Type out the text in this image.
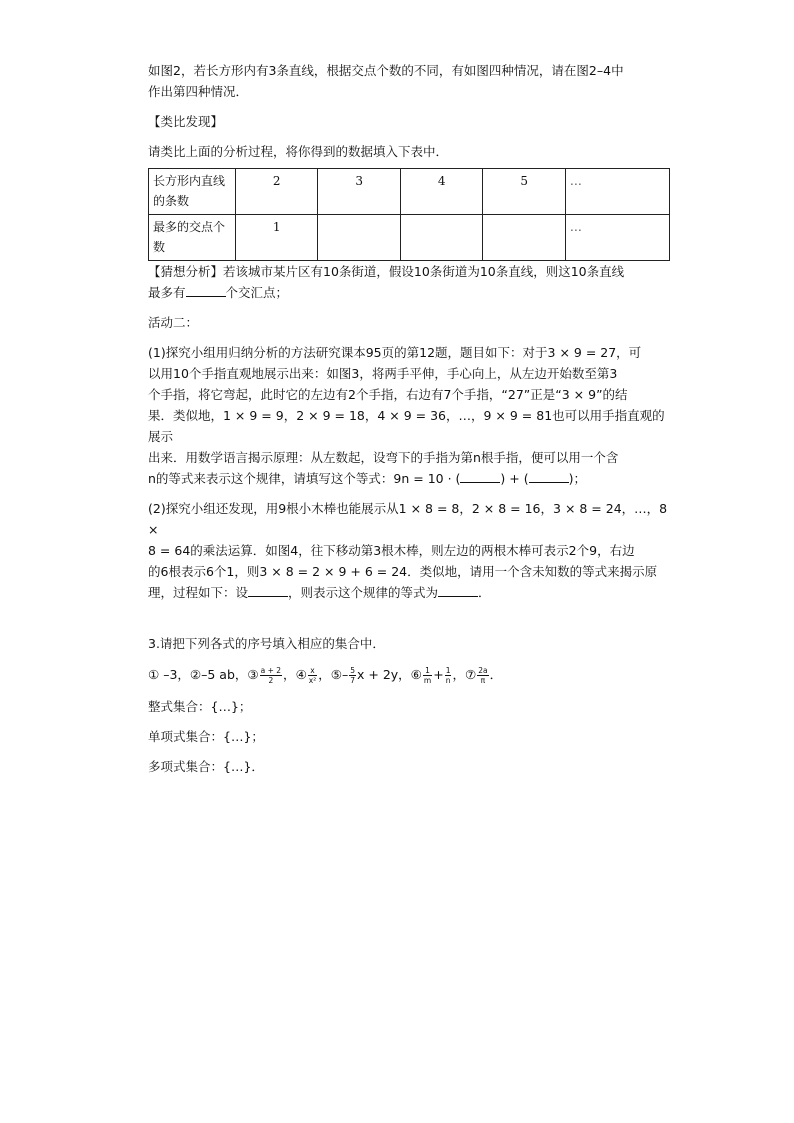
如图2，若长方形内有3条直线，根据交点个数的不同，有如图四种情况，请在图2–4中

作出第四种情况．

【类比发现】

请类比上面的分析过程，将你得到的数据填入下表中．

长方形内直线的条数	2	3	4	5	…
最多的交点个数	1				…

【猜想分析】若该城市某片区有10条街道，假设10条街道为10条直线，则这10条直线

最多有	个交汇点；

活动二：

(1)探究小组用归纳分析的方法研究课本95页的第12题，题目如下：对于3 × 9 = 27，可

以用10个手指直观地展示出来：如图3，将两手平伸，手心向上，从左边开始数至第3

个手指，将它弯起，此时它的左边有2个手指，右边有7个手指，“27”正是“3 × 9”的结

果．类似地，1 × 9 = 9，2 × 9 = 18，4 × 9 = 36，…，9 × 9 = 81也可以用手指直观的展示

出来．用数学语言揭示原理：从左数起，设弯下的手指为第n根手指，便可以用一个含

n的等式来表示这个规律，请填写这个等式：9n = 10 · (	) + (	)；

(2)探究小组还发现，用9根小木棒也能展示从1 × 8 = 8，2 × 8 = 16，3 × 8 = 24，…，8 ×

8 = 64的乘法运算．如图4，往下移动第3根木棒，则左边的两根木棒可表示2个9，右边

的6根表示6个1，则3 × 8 = 2 × 9 + 6 = 24．类似地，请用一个含未知数的等式来揭示原

理，过程如下：设	，则表示这个规律的等式为	．

3.请把下列各式的序号填入相应的集合中．

① –3，②–5 ab，③ $\frac{a + 2}{2}$ ，④ $\frac{x}{\text{x²}}$ ，⑤– $\frac{5}{7}$ x + 2y，⑥ $\frac{1}{m} + \frac{1}{n}$ ，⑦ $\frac{2a}{\pi}$ ．

整式集合：{…}；

单项式集合：{…}；

多项式集合：{…}．
